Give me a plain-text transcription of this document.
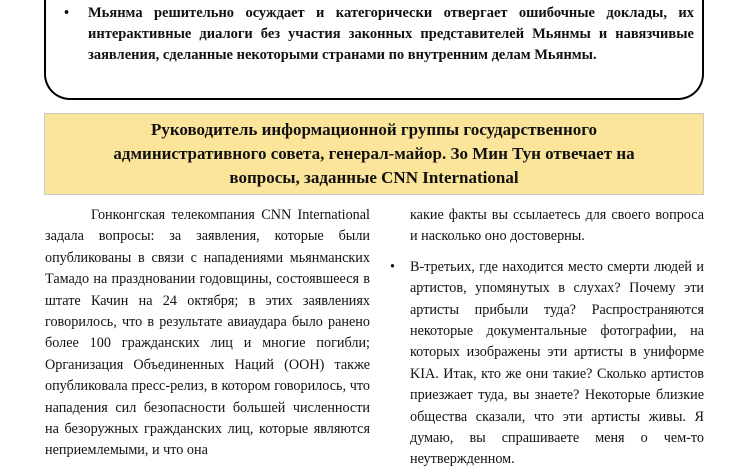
• Мьянма решительно осуждает и категорически отвергает ошибочные доклады, их интерактивные диалоги без участия законных представителей Мьянмы и навязчивые заявления, сделанные некоторыми странами по внутренним делам Мьянмы.
Руководитель информационной группы государственного административного совета, генерал-майор. Зо Мин Тун отвечает на вопросы, заданные CNN International

Гонконгская телекомпания CNN International задала вопросы: за заявления, которые были опубликованы в связи с нападениями мьянманских Тамадо на праздновании годовщины, состоявшееся в штате Качин на 24 октября; в этих заявлениях говорилось, что в результате авиаудара было ранено более 100 гражданских лиц и многие погибли; Организация Объединенных Наций (ООН) также опубликовала пресс-релиз, в котором говорилось, что нападения сил безопасности большей численности на безоружных гражданских лиц, которые являются неприемлемыми, и что она

какие факты вы ссылаетесь для своего вопроса и насколько оно достоверны.

• В-третьих, где находится место смерти людей и артистов, упомянутых в слухах? Почему эти артисты прибыли туда? Распространяются некоторые документальные фотографии, на которых изображены эти артисты в униформе KIA. Итак, кто же они такие? Сколько артистов приезжает туда, вы знаете? Некоторые близкие общества сказали, что эти артисты живы. Я думаю, вы спрашиваете меня о чем-то неутвержденном.
